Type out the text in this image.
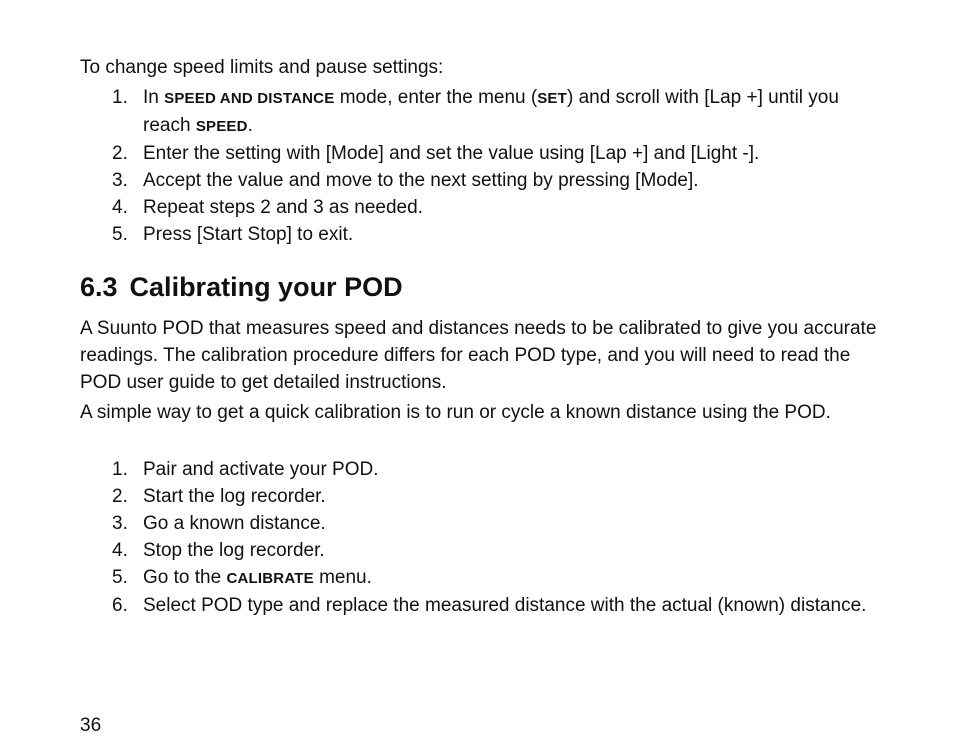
To change speed limits and pause settings:
1. In SPEED AND DISTANCE mode, enter the menu (SET) and scroll with [Lap +] until you reach SPEED.
2. Enter the setting with [Mode] and set the value using [Lap +] and [Light -].
3. Accept the value and move to the next setting by pressing [Mode].
4. Repeat steps 2 and 3 as needed.
5. Press [Start Stop] to exit.
6.3 Calibrating your POD

A Suunto POD that measures speed and distances needs to be calibrated to give you accurate readings. The calibration procedure differs for each POD type, and you will need to read the POD user guide to get detailed instructions.

A simple way to get a quick calibration is to run or cycle a known distance using the POD.

1. Pair and activate your POD.
2. Start the log recorder.
3. Go a known distance.
4. Stop the log recorder.
5. Go to the CALIBRATE menu.
6. Select POD type and replace the measured distance with the actual (known) distance.
36
